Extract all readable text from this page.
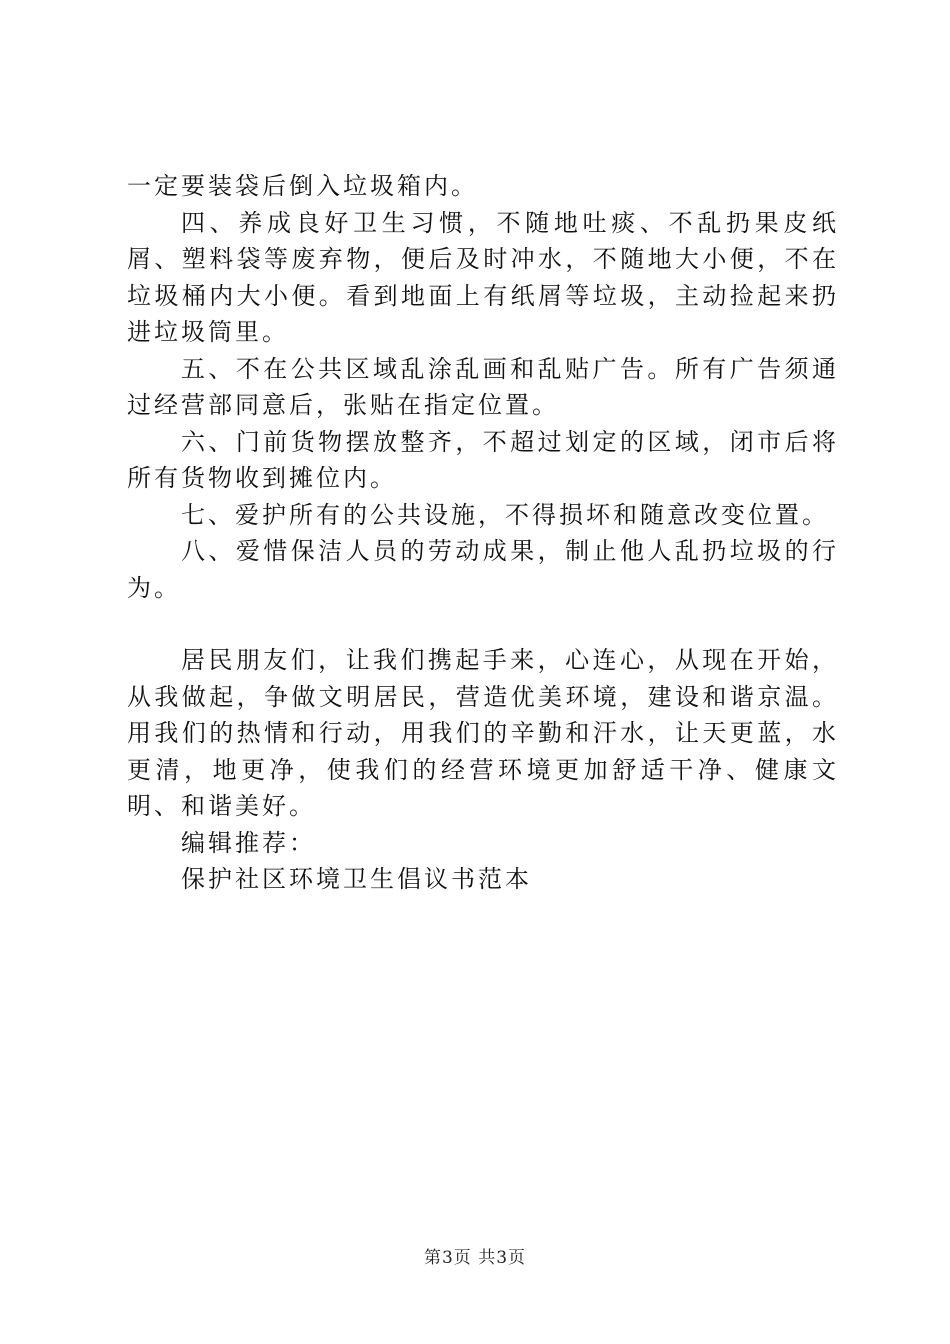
一定要装袋后倒入垃圾箱内。

四、养成良好卫生习惯，不随地吐痰、不乱扔果皮纸屑、塑料袋等废弃物，便后及时冲水，不随地大小便，不在垃圾桶内大小便。看到地面上有纸屑等垃圾，主动捡起来扔进垃圾筒里。

五、不在公共区域乱涂乱画和乱贴广告。所有广告须通过经营部同意后，张贴在指定位置。

六、门前货物摆放整齐，不超过划定的区域，闭市后将所有货物收到摊位内。

七、爱护所有的公共设施，不得损坏和随意改变位置。

八、爱惜保洁人员的劳动成果，制止他人乱扔垃圾的行为。

居民朋友们，让我们携起手来，心连心，从现在开始，从我做起，争做文明居民，营造优美环境，建设和谐京温。用我们的热情和行动，用我们的辛勤和汗水，让天更蓝，水更清，地更净，使我们的经营环境更加舒适干净、健康文明、和谐美好。

编辑推荐：

保护社区环境卫生倡议书范本

第3页 共3页
